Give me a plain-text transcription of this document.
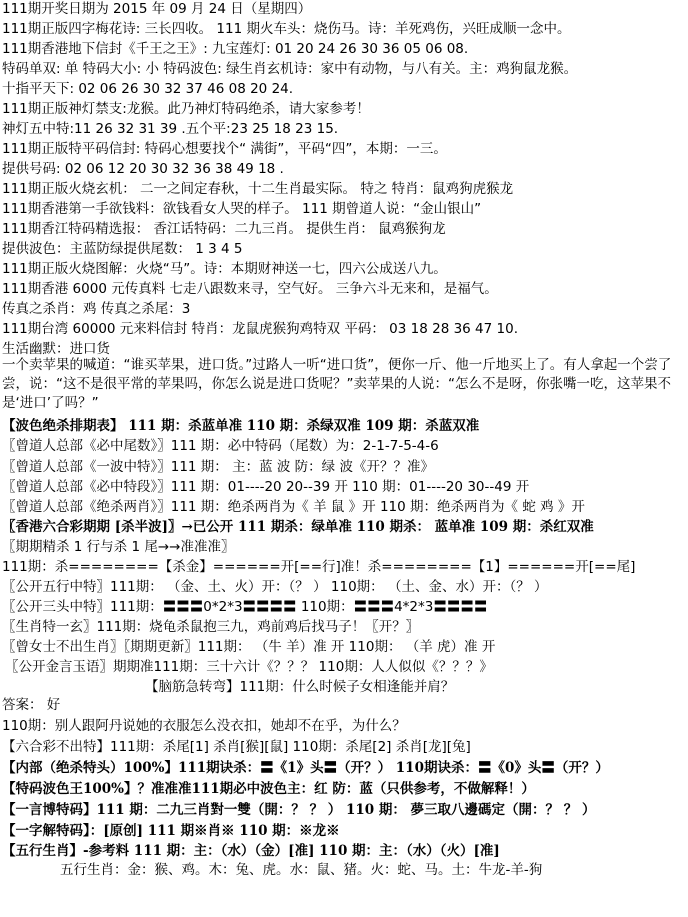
111期开奖日期为 2015 年 09 月 24 日（星期四）
111期正版四字梅花诗: 三长四收。 111 期火车头：烧伤马。诗：羊死鸡伤，兴旺成顺一念中。
111期香港地下信封《千王之王》: 九宝莲灯: 01 20 24 26 30 36 05 06 08.
特码单双: 单 特码大小: 小 特码波色: 绿生肖玄机诗：家中有动物，与八有关。主：鸡狗鼠龙猴。
十指平天下: 02 06 26 30 32 37 46 08 20 24.
111期正版神灯禁支:龙猴。此乃神灯特码绝杀，请大家参考！
神灯五中特:11 26 32 31 39 .五个平:23 25 18 23 15.
111期正版特平码信封: 特码心想要找个“ 满街”，平码“四”，本期：一三。
提供号码: 02 06 12 20 30 32 36 38 49 18 .
111期正版火烧玄机： 二一之间定春秋，十二生肖最实际。 特之 特肖：鼠鸡狗虎猴龙
111期香港第一手欲钱料：欲钱看女人哭的样子。 111 期曾道人说：“金山银山”
111期香江特码精选报： 香江话特码：二九三肖。 提供生肖： 鼠鸡猴狗龙
提供波色：主蓝防绿提供尾数： 1 3 4 5
111期正版火烧图解：火烧“马”。诗：本期财神送一七，四六公成送八九。
111期香港 6000 元传真料 七走八跟数来寻，空气好。 三争六斗无来和，是福气。
传真之杀肖：鸡 传真之杀尾：3
111期台湾 60000 元来料信封 特肖：龙鼠虎猴狗鸡特双 平码： 03 18 28 36 47 10.
生活幽默：进口货
【波色绝杀排期表】 111 期：杀蓝单准 110 期：杀绿双准 109 期：杀蓝双准
〖曾道人总部《必中尾数》〗111 期：必中特码（尾数）为：2-1-7-5-4-6
〖曾道人总部《一波中特》〗111 期： 主：蓝 波 防：绿 波《开？？准》
〖曾道人总部《必中特段》〗111 期：01----20 20--39 开 110 期：01----20 30--49 开
〖曾道人总部《绝杀两肖》〗111 期：绝杀两肖为《 羊 鼠 》开 110 期：绝杀两肖为《 蛇 鸡 》开
〖香港六合彩期期 [杀半波]〗→已公开 111 期杀：绿单准 110 期杀： 蓝单准 109 期：杀红双准
〖期期精杀 1 行与杀 1 尾→→准准准〗
111期：杀========【杀金】======开[==行]准！杀========【1】======开[==尾]
〖公开五行中特〗111期： （金、土、火）开：（？ ） 110期： （土、金、水）开：（？ ）
〖公开三头中特〗111期：〓〓〓0*2*3〓〓〓〓 110期：〓〓〓4*2*3〓〓〓〓
〖生肖特一玄〗111期：烧龟杀鼠抱三九，鸡前鸡后找马子！〖开？〗
〖曾女士不出生肖〗〖期期更新〗111期： （牛 羊）准 开 110期： （羊 虎）准 开
〖公开金言玉语〗期期准111期：三十六计《？？？ 110期：人人似似《？？？》
【脑筋急转弯】111期：什么时候子女相逢能并肩？
答案： 好
110期：别人跟阿丹说她的衣服怎么没衣扣，她却不在乎，为什么？
【六合彩不出特】111期：杀尾[1] 杀肖[猴][鼠] 110期：杀尾[2] 杀肖[龙][兔]
【内部（绝杀特头）100%】111期诀杀：〓《1》头〓（开？） 110期诀杀：〓《0》头〓（开？）
【特码波色王100%】？准准准111期必中波色主：红 防：蓝（只供参考，不做解释！）
【一言博特码】111 期：二九三肖對一雙（開：？ ？ ） 110 期： 夢三取八邊碼定（開：？ ？ ）
【一字解特码】：[原创] 111 期※肖※ 110 期：※龙※
【五行生肖】-参考料 111 期：主：（水）（金）[准] 110 期：主：（水）（火）[准]
五行生肖：金：猴、鸡。木：兔、虎。水：鼠、猪。火：蛇、马。土：牛龙-羊-狗
一个卖苹果的喊道：“谁买苹果，进口货。”过路人一听“进口货”，便你一斤、他一斤地买上了。有人拿起一个尝了尝，说：“这不是很平常的苹果吗，你怎么说是进口货呢？”卖苹果的人说：“怎么不是呀，你张嘴一吃，这苹果不是‘进口’了吗？”
